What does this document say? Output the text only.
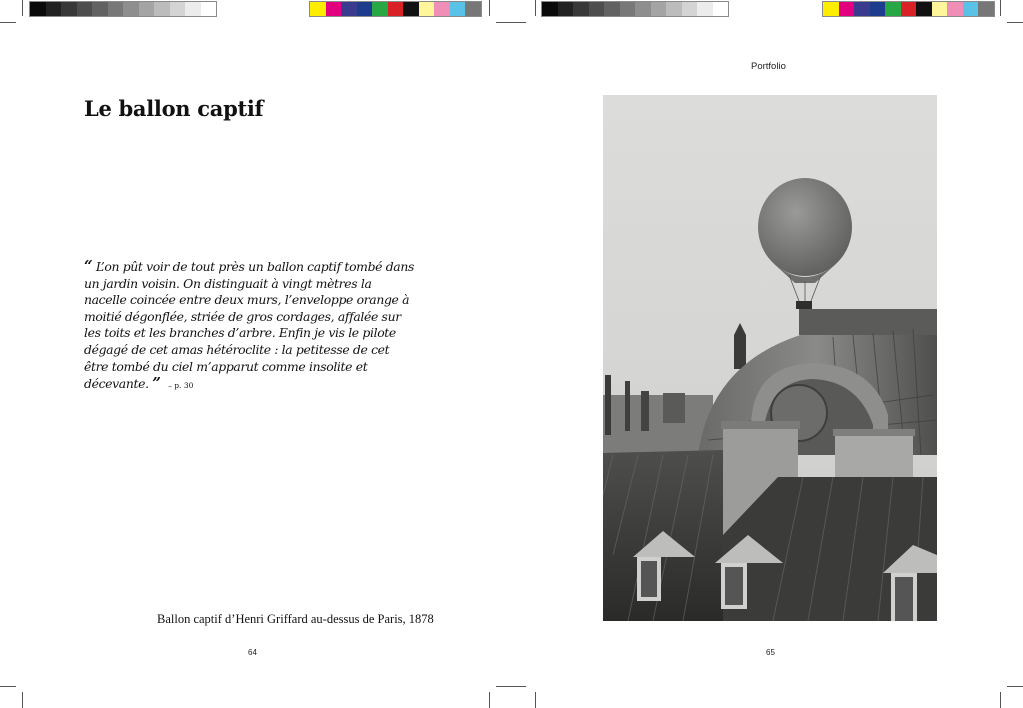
Le ballon captif
“ L’on pût voir de tout près un ballon captif tombé dans un jardin voisin. On distinguait à vingt mètres la nacelle coincée entre deux murs, l’enveloppe orange à moitié dégonflée, striée de gros cordages, affalée sur les toits et les branches d’arbre. Enfin je vis le pilote dégagé de cet amas hétéroclite : la petitesse de cet être tombé du ciel m’apparut comme insolite et décevante. ” – p. 30
Ballon captif d’Henri Griffard au-dessus de Paris, 1878
64
Portfolio
65
